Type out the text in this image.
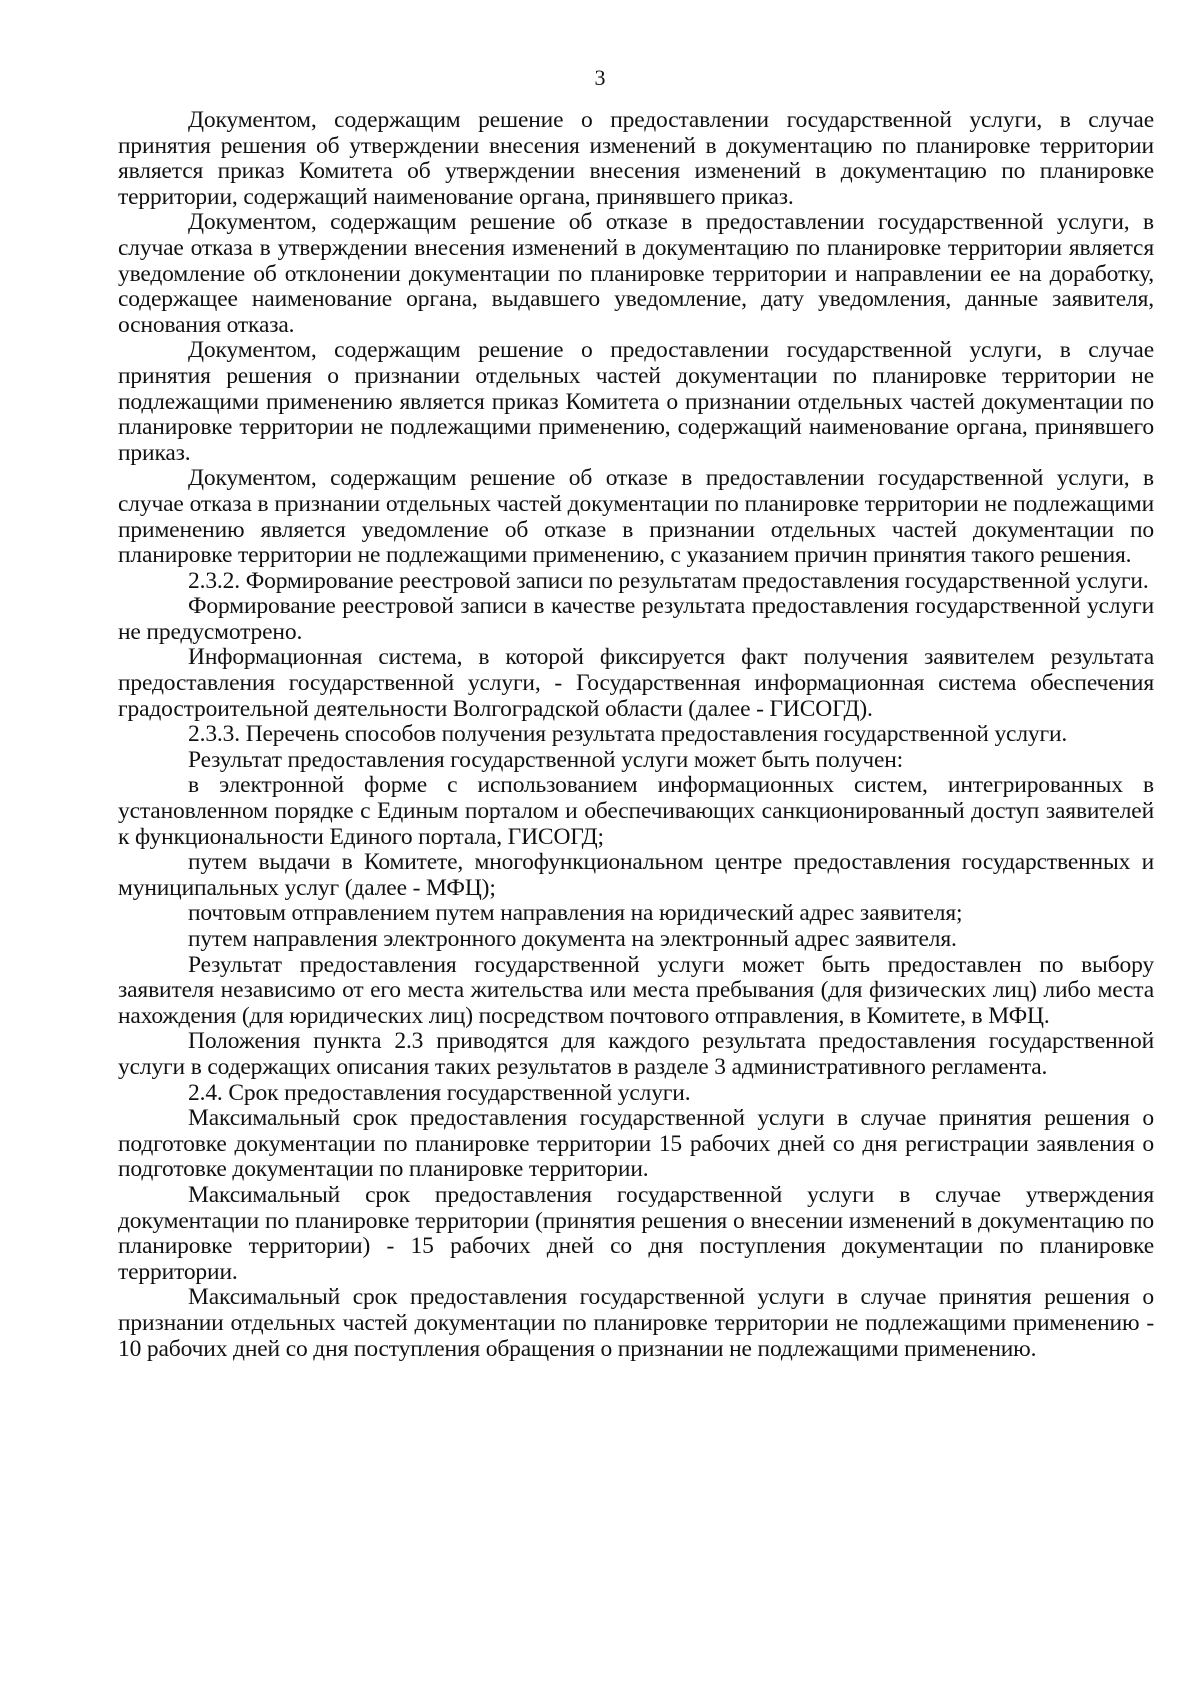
3

Документом, содержащим решение о предоставлении государственной услуги, в случае принятия решения об утверждении внесения изменений в документацию по планировке территории является приказ Комитета об утверждении внесения изменений в документацию по планировке территории, содержащий наименование органа, принявшего приказ.

Документом, содержащим решение об отказе в предоставлении государственной услуги, в случае отказа в утверждении внесения изменений в документацию по планировке территории является уведомление об отклонении документации по планировке территории и направлении ее на доработку, содержащее наименование органа, выдавшего уведомление, дату уведомления, данные заявителя, основания отказа.

Документом, содержащим решение о предоставлении государственной услуги, в случае принятия решения о признании отдельных частей документации по планировке территории не подлежащими применению является приказ Комитета о признании отдельных частей документации по планировке территории не подлежащими применению, содержащий наименование органа, принявшего приказ.

Документом, содержащим решение об отказе в предоставлении государственной услуги, в случае отказа в признании отдельных частей документации по планировке территории не подлежащими применению является уведомление об отказе в признании отдельных частей документации по планировке территории не подлежащими применению, с указанием причин принятия такого решения.

2.3.2. Формирование реестровой записи по результатам предоставления государственной услуги.

Формирование реестровой записи в качестве результата предоставления государственной услуги не предусмотрено.

Информационная система, в которой фиксируется факт получения заявителем результата предоставления государственной услуги, - Государственная информационная система обеспечения градостроительной деятельности Волгоградской области (далее - ГИСОГД).

2.3.3. Перечень способов получения результата предоставления государственной услуги.

Результат предоставления государственной услуги может быть получен:

в электронной форме с использованием информационных систем, интегрированных в установленном порядке с Единым порталом и обеспечивающих санкционированный доступ заявителей к функциональности Единого портала, ГИСОГД;

путем выдачи в Комитете, многофункциональном центре предоставления государственных и муниципальных услуг (далее - МФЦ);

почтовым отправлением путем направления на юридический адрес заявителя;

путем направления электронного документа на электронный адрес заявителя.

Результат предоставления государственной услуги может быть предоставлен по выбору заявителя независимо от его места жительства или места пребывания (для физических лиц) либо места нахождения (для юридических лиц) посредством почтового отправления, в Комитете, в МФЦ.

Положения пункта 2.3 приводятся для каждого результата предоставления государственной услуги в содержащих описания таких результатов в разделе 3 административного регламента.

2.4. Срок предоставления государственной услуги.

Максимальный срок предоставления государственной услуги в случае принятия решения о подготовке документации по планировке территории 15 рабочих дней со дня регистрации заявления о подготовке документации по планировке территории.

Максимальный срок предоставления государственной услуги в случае утверждения документации по планировке территории (принятия решения о внесении изменений в документацию по планировке территории) - 15 рабочих дней со дня поступления документации по планировке территории.

Максимальный срок предоставления государственной услуги в случае принятия решения о признании отдельных частей документации по планировке территории не подлежащими применению - 10 рабочих дней со дня поступления обращения о признании не подлежащими применению.
